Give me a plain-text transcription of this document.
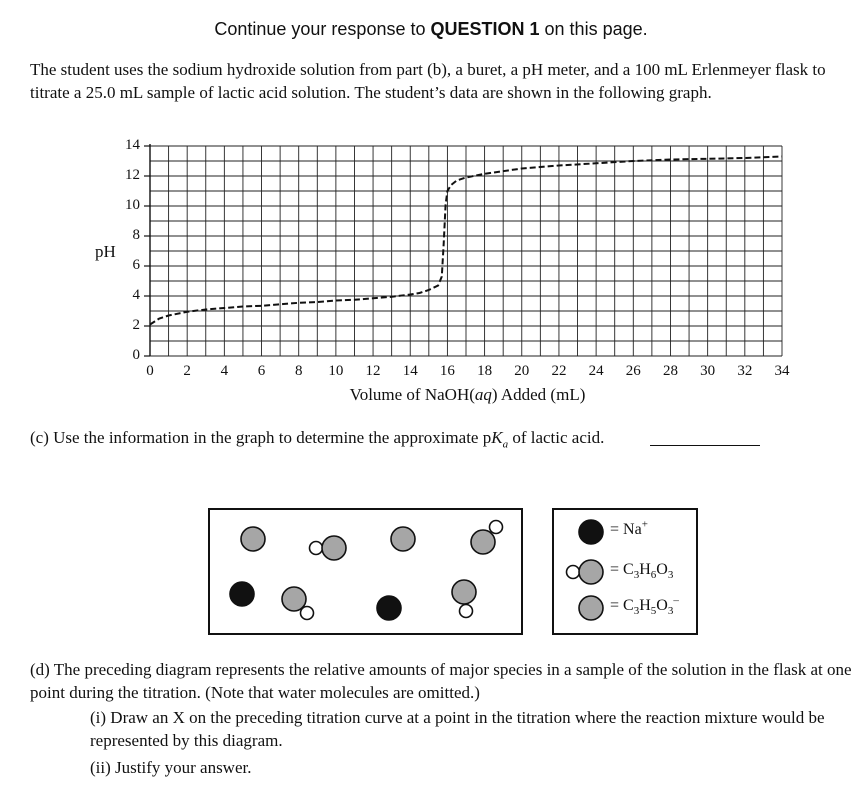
Continue your response to QUESTION 1 on this page.
The student uses the sodium hydroxide solution from part (b), a buret, a pH meter, and a 100 mL Erlenmeyer flask to titrate a 25.0 mL sample of lactic acid solution. The student’s data are shown in the following graph.
pH
0
2
4
6
8
10
12
14
0	2	4	6	8	10	12	14	16	18	20	22	24	26	28	30	32	34
Volume of NaOH(aq) Added (mL)
(c) Use the information in the graph to determine the approximate $pK_a$ of lactic acid.
= Na+
= $C_3H_6O_3$
= $C_3H_5O_3^-$
(d) The preceding diagram represents the relative amounts of major species in a sample of the solution in the flask at one point during the titration. (Note that water molecules are omitted.)
(i) Draw an X on the preceding titration curve at a point in the titration where the reaction mixture would be represented by this diagram.
(ii) Justify your answer.
